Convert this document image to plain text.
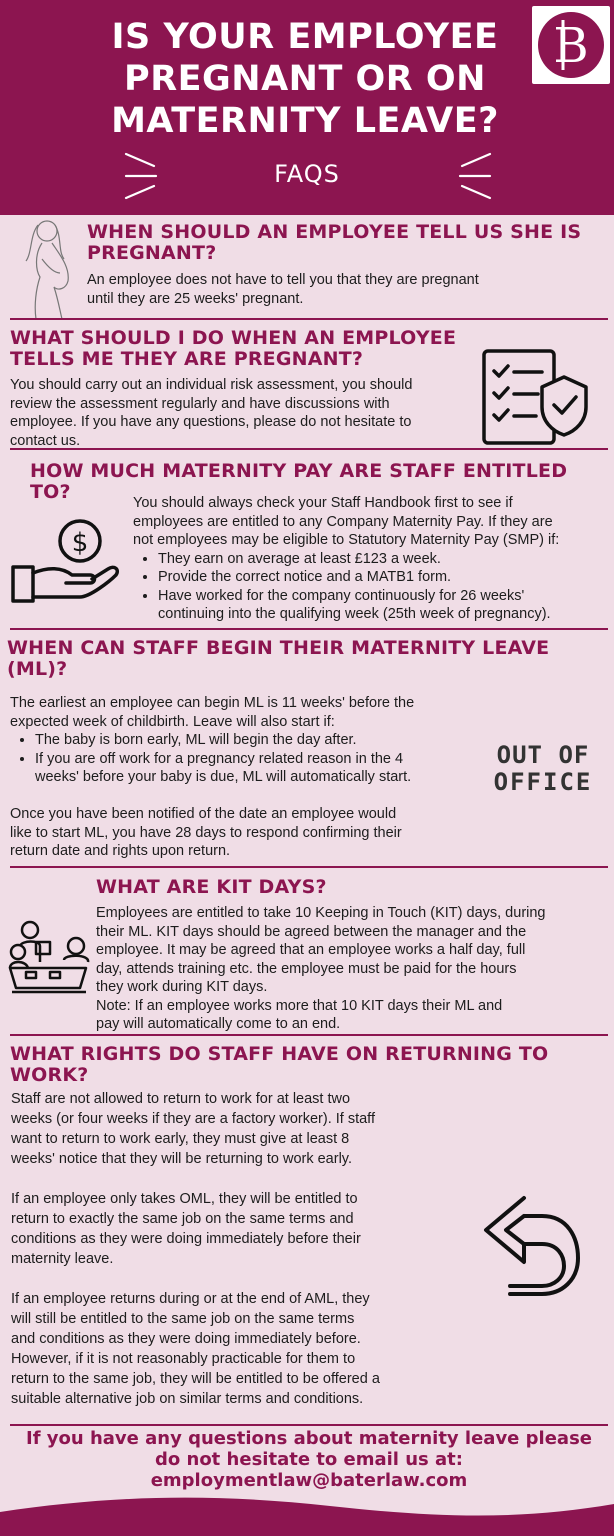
IS YOUR EMPLOYEE
PREGNANT OR ON
MATERNITY LEAVE?
B
FAQS
WHEN SHOULD AN EMPLOYEE TELL US SHE IS
PREGNANT?

An employee does not have to tell you that they are pregnant

until they are 25 weeks' pregnant.

WHAT SHOULD I DO WHEN AN EMPLOYEE
TELLS ME THEY ARE PREGNANT?

You should carry out an individual risk assessment, you should

review the assessment regularly and have discussions with

employee. If you have any questions, please do not hesitate to

contact us.

HOW MUCH MATERNITY PAY ARE STAFF ENTITLED
TO?
$

You should always check your Staff Handbook first to see if

employees are entitled to any Company Maternity Pay. If they are

not employees may be eligible to Statutory Maternity Pay (SMP) if:

• They earn on average at least £123 a week.
• Provide the correct notice and a MATB1 form.
• Have worked for the company continuously for 26 weeks'
continuing into the qualifying week (25th week of pregnancy).
WHEN CAN STAFF BEGIN THEIR MATERNITY LEAVE
(ML)?

The earliest an employee can begin ML is 11 weeks' before the

expected week of childbirth. Leave will also start if:

• The baby is born early, ML will begin the day after.
• If you are off work for a pregnancy related reason in the 4
weeks' before your baby is due, ML will automatically start.

Once you have been notified of the date an employee would

like to start ML, you have 28 days to respond confirming their

return date and rights upon return.

OUT OF
OFFICE
WHAT ARE KIT DAYS?

Employees are entitled to take 10 Keeping in Touch (KIT) days, during

their ML. KIT days should be agreed between the manager and the

employee. It may be agreed that an employee works a half day, full

day, attends training etc. the employee must be paid for the hours

they work during KIT days.

Note: If an employee works more that 10 KIT days their ML and

pay will automatically come to an end.

WHAT RIGHTS DO STAFF HAVE ON RETURNING TO
WORK?

Staff are not allowed to return to work for at least two

weeks (or four weeks if they are a factory worker). If staff

want to return to work early, they must give at least 8

weeks' notice that they will be returning to work early.

If an employee only takes OML, they will be entitled to

return to exactly the same job on the same terms and

conditions as they were doing immediately before their

maternity leave.

If an employee returns during or at the end of AML, they

will still be entitled to the same job on the same terms

and conditions as they were doing immediately before.

However, if it is not reasonably practicable for them to

return to the same job, they will be entitled to be offered a

suitable alternative job on similar terms and conditions.

If you have any questions about maternity leave please
do not hesitate to email us at:
employmentlaw@baterlaw.com
